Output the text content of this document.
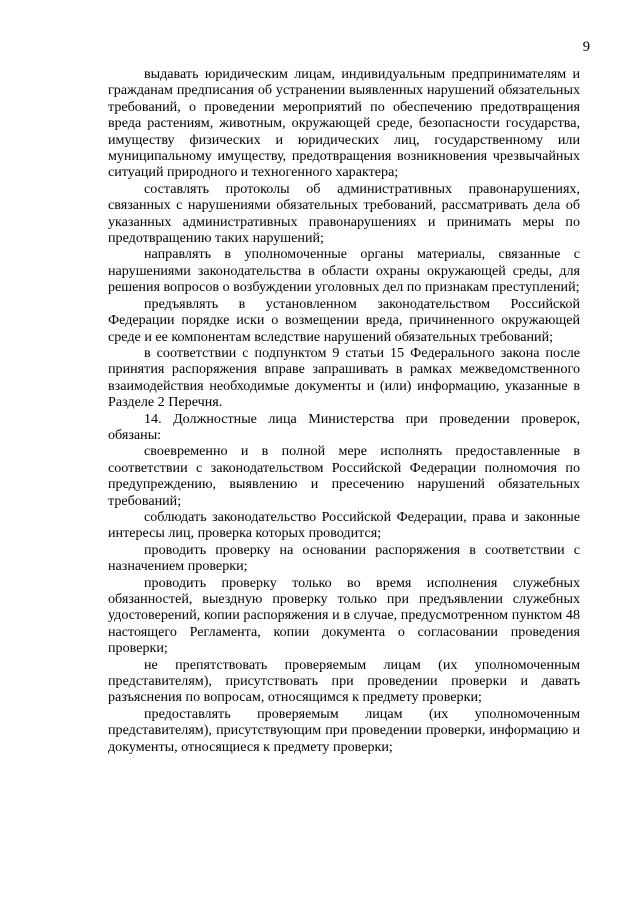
9

выдавать юридическим лицам, индивидуальным предпринимателям и гражданам предписания об устранении выявленных нарушений обязательных требований, о проведении мероприятий по обеспечению предотвращения вреда растениям, животным, окружающей среде, безопасности государства, имуществу физических и юридических лиц, государственному или муниципальному имуществу, предотвращения возникновения чрезвычайных ситуаций природного и техногенного характера;

составлять протоколы об административных правонарушениях, связанных с нарушениями обязательных требований, рассматривать дела об указанных административных правонарушениях и принимать меры по предотвращению таких нарушений;

направлять в уполномоченные органы материалы, связанные с нарушениями законодательства в области охраны окружающей среды, для решения вопросов о возбуждении уголовных дел по признакам преступлений;

предъявлять в установленном законодательством Российской Федерации порядке иски о возмещении вреда, причиненного окружающей среде и ее компонентам вследствие нарушений обязательных требований;

в соответствии с подпунктом 9 статьи 15 Федерального закона после принятия распоряжения вправе запрашивать в рамках межведомственного взаимодействия необходимые документы и (или) информацию, указанные в Разделе 2 Перечня.

14. Должностные лица Министерства при проведении проверок, обязаны:

своевременно и в полной мере исполнять предоставленные в соответствии с законодательством Российской Федерации полномочия по предупреждению, выявлению и пресечению нарушений обязательных требований;

соблюдать законодательство Российской Федерации, права и законные интересы лиц, проверка которых проводится;

проводить проверку на основании распоряжения в соответствии с назначением проверки;

проводить проверку только во время исполнения служебных обязанностей, выездную проверку только при предъявлении служебных удостоверений, копии распоряжения и в случае, предусмотренном пунктом 48 настоящего Регламента, копии документа о согласовании проведения проверки;

не препятствовать проверяемым лицам (их уполномоченным представителям), присутствовать при проведении проверки и давать разъяснения по вопросам, относящимся к предмету проверки;

предоставлять проверяемым лицам (их уполномоченным представителям), присутствующим при проведении проверки, информацию и документы, относящиеся к предмету проверки;
